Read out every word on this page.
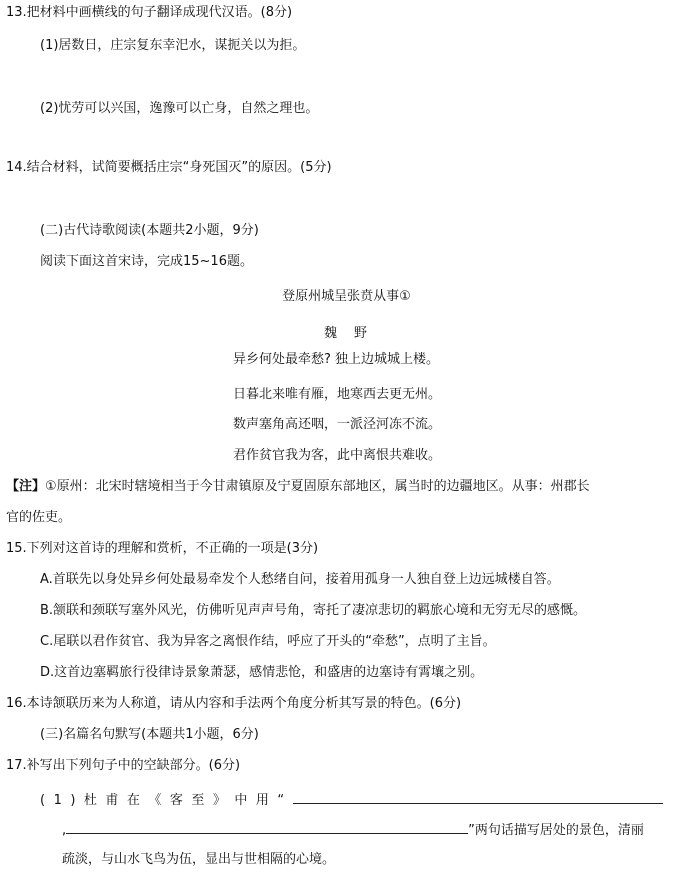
13.把材料中画横线的句子翻译成现代汉语。(8分)
(1)居数日，庄宗复东幸汜水，谋扼关以为拒。
(2)忧劳可以兴国，逸豫可以亡身，自然之理也。
14.结合材料，试简要概括庄宗“身死国灭”的原因。(5分)
(二)古代诗歌阅读(本题共2小题，9分)
阅读下面这首宋诗，完成15~16题。
登原州城呈张贲从事①
魏　野
异乡何处最牵愁? 独上边城城上楼。
日暮北来唯有雁，地寒西去更无州。
数声塞角高还咽，一派泾河冻不流。
君作贫官我为客，此中离恨共难收。
【注】①原州：北宋时辖境相当于今甘肃镇原及宁夏固原东部地区，属当时的边疆地区。从事：州郡长
官的佐吏。
15.下列对这首诗的理解和赏析，不正确的一项是(3分)
A.首联先以身处异乡何处最易牵发个人愁绪自问，接着用孤身一人独自登上边远城楼自答。
B.颔联和颈联写塞外风光，仿佛听见声声号角，寄托了凄凉悲切的羁旅心境和无穷无尽的感慨。
C.尾联以君作贫官、我为异客之离恨作结，呼应了开头的“牵愁”，点明了主旨。
D.这首边塞羁旅行役律诗景象萧瑟，感情悲怆，和盛唐的边塞诗有霄壤之别。
16.本诗颔联历来为人称道，请从内容和手法两个角度分析其写景的特色。(6分)
(三)名篇名句默写(本题共1小题，6分)
17.补写出下列句子中的空缺部分。(6分)
(1)杜甫在《客至》中用“
,	”两句话描写居处的景色，清丽
疏淡，与山水飞鸟为伍，显出与世相隔的心境。
